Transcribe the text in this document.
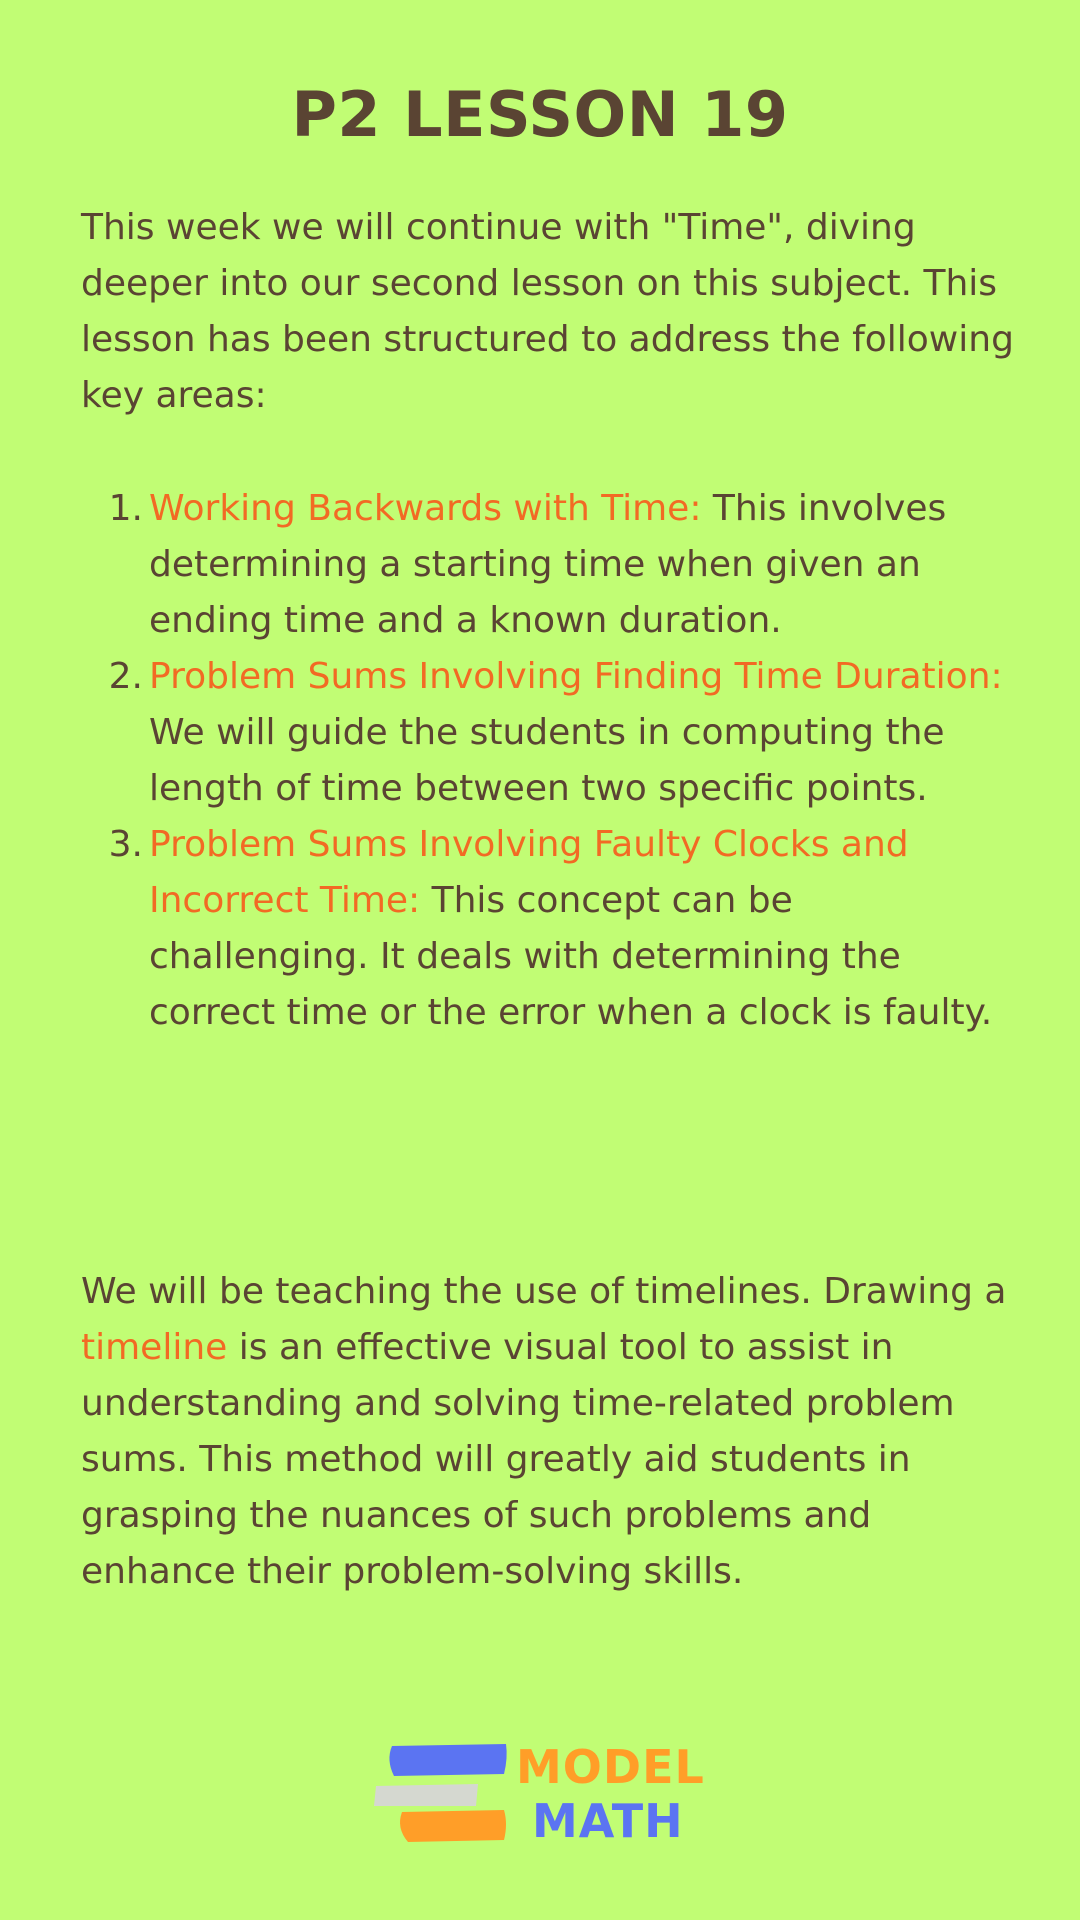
P2 LESSON 19

This week we will continue with "Time", diving deeper into our second lesson on this subject. This lesson has been structured to address the following key areas:

1. Working Backwards with Time: This involves determining a starting time when given an ending time and a known duration.
2. Problem Sums Involving Finding Time Duration: We will guide the students in computing the length of time between two specific points.
3. Problem Sums Involving Faulty Clocks and Incorrect Time: This concept can be challenging. It deals with determining the correct time or the error when a clock is faulty.

We will be teaching the use of timelines. Drawing a timeline is an effective visual tool to assist in understanding and solving time-related problem sums. This method will greatly aid students in grasping the nuances of such problems and enhance their problem-solving skills.

MODEL
MATH
